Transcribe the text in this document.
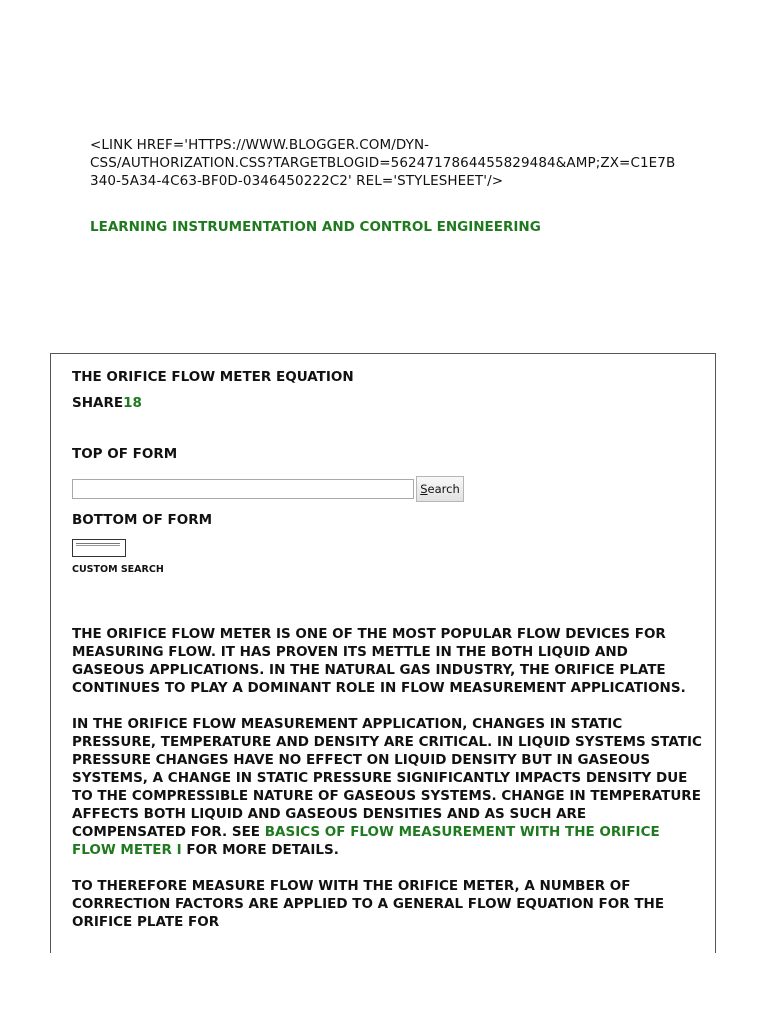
<LINK HREF='HTTPS://WWW.BLOGGER.COM/DYN-

CSS/AUTHORIZATION.CSS?TARGETBLOGID=5624717864455829484&AMP;ZX=C1E7B

340-5A34-4C63-BF0D-0346450222C2' REL='STYLESHEET'/>

LEARNING INSTRUMENTATION AND CONTROL ENGINEERING
THE ORIFICE FLOW METER EQUATION
SHARE18

TOP OF FORM

Search

BOTTOM OF FORM

CUSTOM SEARCH

THE ORIFICE FLOW METER IS ONE OF THE MOST POPULAR FLOW DEVICES FOR MEASURING FLOW. IT HAS PROVEN ITS METTLE IN THE BOTH LIQUID AND GASEOUS APPLICATIONS. IN THE NATURAL GAS INDUSTRY, THE ORIFICE PLATE CONTINUES TO PLAY A DOMINANT ROLE IN FLOW MEASUREMENT APPLICATIONS.

IN THE ORIFICE FLOW MEASUREMENT APPLICATION, CHANGES IN STATIC PRESSURE, TEMPERATURE AND DENSITY ARE CRITICAL. IN LIQUID SYSTEMS STATIC PRESSURE CHANGES HAVE NO EFFECT ON LIQUID DENSITY BUT IN GASEOUS SYSTEMS, A CHANGE IN STATIC PRESSURE SIGNIFICANTLY IMPACTS DENSITY DUE TO THE COMPRESSIBLE NATURE OF GASEOUS SYSTEMS. CHANGE IN TEMPERATURE AFFECTS BOTH LIQUID AND GASEOUS DENSITIES AND AS SUCH ARE
COMPENSATED FOR. SEE BASICS OF FLOW MEASUREMENT WITH THE ORIFICE FLOW METER I FOR MORE DETAILS.

TO THEREFORE MEASURE FLOW WITH THE ORIFICE METER, A NUMBER OF CORRECTION FACTORS ARE APPLIED TO A GENERAL FLOW EQUATION FOR THE ORIFICE PLATE FOR
